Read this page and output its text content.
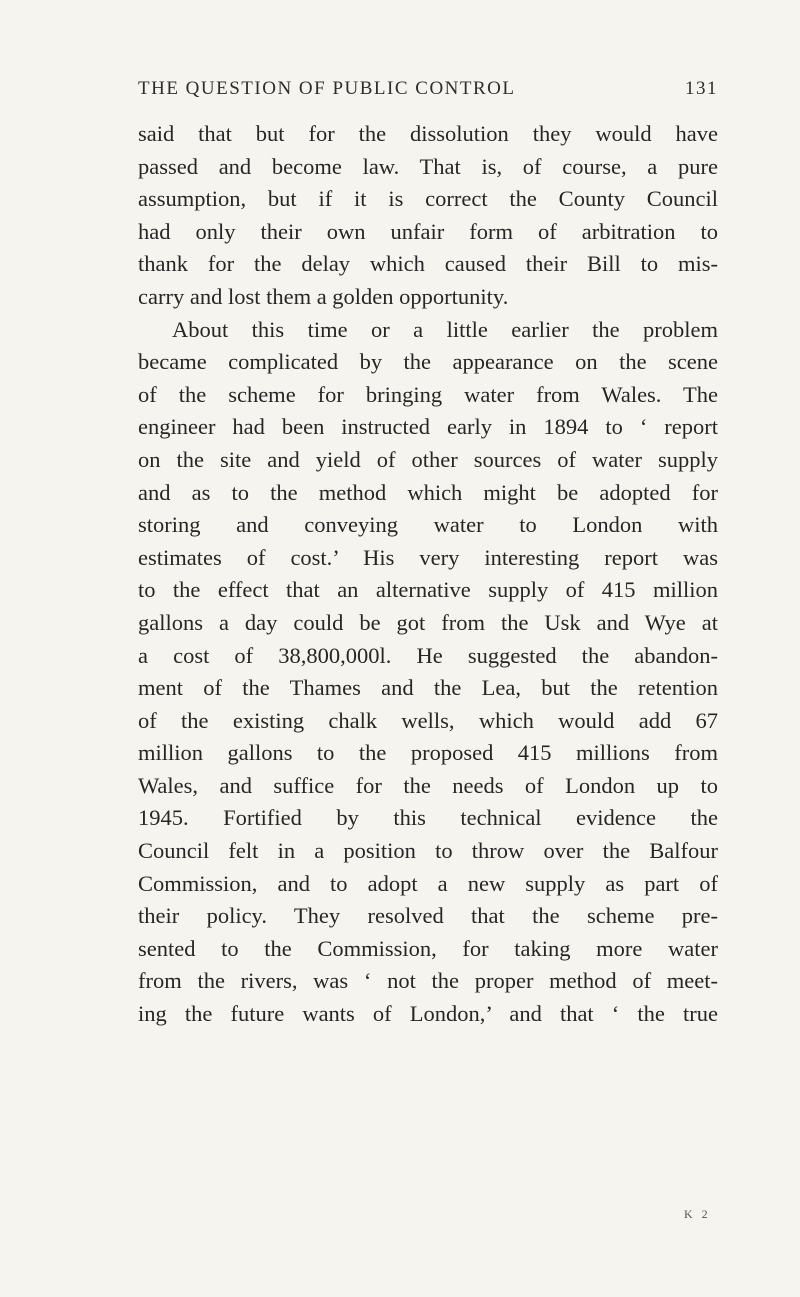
THE QUESTION OF PUBLIC CONTROL	131
said that but for the dissolution they would have
passed and become law. That is, of course, a pure
assumption, but if it is correct the County Council
had only their own unfair form of arbitration to
thank for the delay which caused their Bill to mis-
carry and lost them a golden opportunity.
About this time or a little earlier the problem
became complicated by the appearance on the scene
of the scheme for bringing water from Wales. The
engineer had been instructed early in 1894 to ‘ report
on the site and yield of other sources of water supply
and as to the method which might be adopted for
storing and conveying water to London with
estimates of cost.’ His very interesting report was
to the effect that an alternative supply of 415 million
gallons a day could be got from the Usk and Wye at
a cost of 38,800,000l. He suggested the abandon-
ment of the Thames and the Lea, but the retention
of the existing chalk wells, which would add 67
million gallons to the proposed 415 millions from
Wales, and suffice for the needs of London up to
1945. Fortified by this technical evidence the
Council felt in a position to throw over the Balfour
Commission, and to adopt a new supply as part of
their policy. They resolved that the scheme pre-
sented to the Commission, for taking more water
from the rivers, was ‘ not the proper method of meet-
ing the future wants of London,’ and that ‘ the true
K 2
